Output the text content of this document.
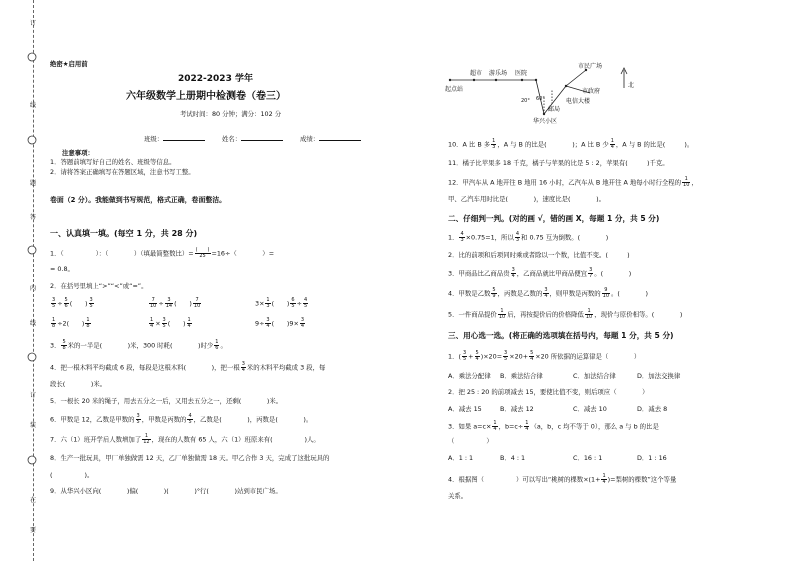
订
线
题
答
内
线
订
装
在
要
绝密★启用前
2022-2023 学年
六年级数学上册期中检测卷（卷三）
考试时间：80 分钟；满分：102 分
班级：	姓名：	成绩：
注意事项：
1．答题前填写好自己的姓名、班级等信息。
2．请将答案正确填写在答题区域，注意书写工整。
卷面（2 分）。我能做到书写规范，格式正确，卷面整洁。
一、认真填一填。(每空 1 分，共 28 分)
1．（　　　　　）：（　　　　）（填最简整数比）= $\frac{( )}{25} =16\div$（　　　　）=
= 0.8。
2．在括号里填上“>”“<”或“=”。
$\frac{3}{5} \div \frac{5}{6}$ (　　) $\frac{3}{5}$	$\frac{7}{10} \div \frac{3}{14}$ (　　) $\frac{7}{10}$	$3\times \frac{1}{3}$ (　　) $\frac{6}{5} \div \frac{4}{5}$
$\frac{1}{8} \div 2$(　　) $\frac{1}{8}$	$\frac{1}{4} \times \frac{3}{5}$ (　　) $\frac{1}{4}$	$9\div \frac{3}{4}$ (　　)$9\times \frac{3}{4}$
3． $\frac{5}{8}$ 米的一半是(　　　　)米，300 时耗(　　　　)时少 $\frac{1}{6}$ 。
4．把一根木料平均截成 6 段，每段是这根木料(　　　　)，把一根 $\frac{3}{4}$ 米的木料平均截成 3 段，每
段长(　　　　)米。
5．一根长 20 米的绳子，用去五分之一后，又用去五分之一，还剩(　　　　)米。
6．甲数是 12，乙数是甲数的 $\frac{3}{5}$ ，甲数是丙数的 $\frac{4}{5}$ ，乙数是(　　　　)，丙数是(　　　　)。
7．六（1）班开学后人数增加了 $\frac{1}{12}$ ，现在的人数有 65 人，六（1）班原来有(　　　　　)人。
8．生产一批玩具，甲厂单独做需 12 天，乙厂单独做需 18 天。甲乙合作 3 天，完成了这批玩具的
(　　　　　)。
9．从华兴小区向(　　　　)偏(　　　　)(　　　　)°行(　　　　)站到市民广场。
起点站
超市 游乐场 医院
市民广场
市政府
电信大楼
邮局
华兴小区
北
20° 60°
10．A 比 B 多 $\frac{1}{3}$ ，A 与 B 的比是(　　　　)；A 比 B 少 $\frac{1}{4}$ ，A 与 B 的比是(　　　)。
11．橘子比苹果多 18 千克，橘子与苹果的比是 5 : 2，苹果有(　　　)千克。
12．甲汽车从 A 地开往 B 地用 16 小时，乙汽车从 B 地开往 A 地每小时行全程的 $\frac{1}{10}$ ，
甲、乙汽车用时比是(　　　　)，速度比是(　　　　)。
二、仔细判一判。(对的画 √，错的画 X，每题 1 分，共 5 分)
1． $\frac{4}{3} \times 0.75=1$，所以 $\frac{4}{3}$ 和 0.75 互为倒数。(　　　　)
2．比的前项和后项同时乘或者除以一个数，比值不变。(　　　)
3．甲商品比乙商品贵 $\frac{3}{4}$ ，乙商品就比甲商品便宜 $\frac{3}{7}$ 。(　　　　)
4．甲数是乙数 $\frac{5}{9}$ ，丙数是乙数的 $\frac{3}{4}$ ，则甲数是丙数的 $\frac{9}{10}$ 。(　　　　)
5．一件商品提价 $\frac{1}{10}$ 后，再按提价后的价格降低 $\frac{1}{10}$ ，现价与原价相等。(　　　　)
三、用心选一选。(将正确的选项填在括号内，每题 1 分，共 5 分)
1．( $\frac{3}{5} + \frac{5}{4} )\times 20= \frac{3}{5} \times 20+ \frac{5}{4} \times 20$ 所依据的运算律是（　　　　）
A．乘法分配律 B．乘法结合律	C．加法结合律	D．加法交换律
2．把 25 : 20 的前项减去 15，要使比值不变，则后项应（　　　　）
A．减去 15	B．减去 12	C．减去 10	D．减去 8
3．如果 $a=c\times \frac{1}{4}$ ，$b=c\div \frac{1}{4} (a$，b，c 均不等于 0），那么 a 与 b 的比是
（　　　　　）
A．1 : 1	B．4 : 1	C．16 : 1	D．1 : 16
4．根据图（　　　　　）可以写出“桃树的棵数$\times(1+ \frac{1}{4}$ )=梨树的棵数”这个等量
关系。
